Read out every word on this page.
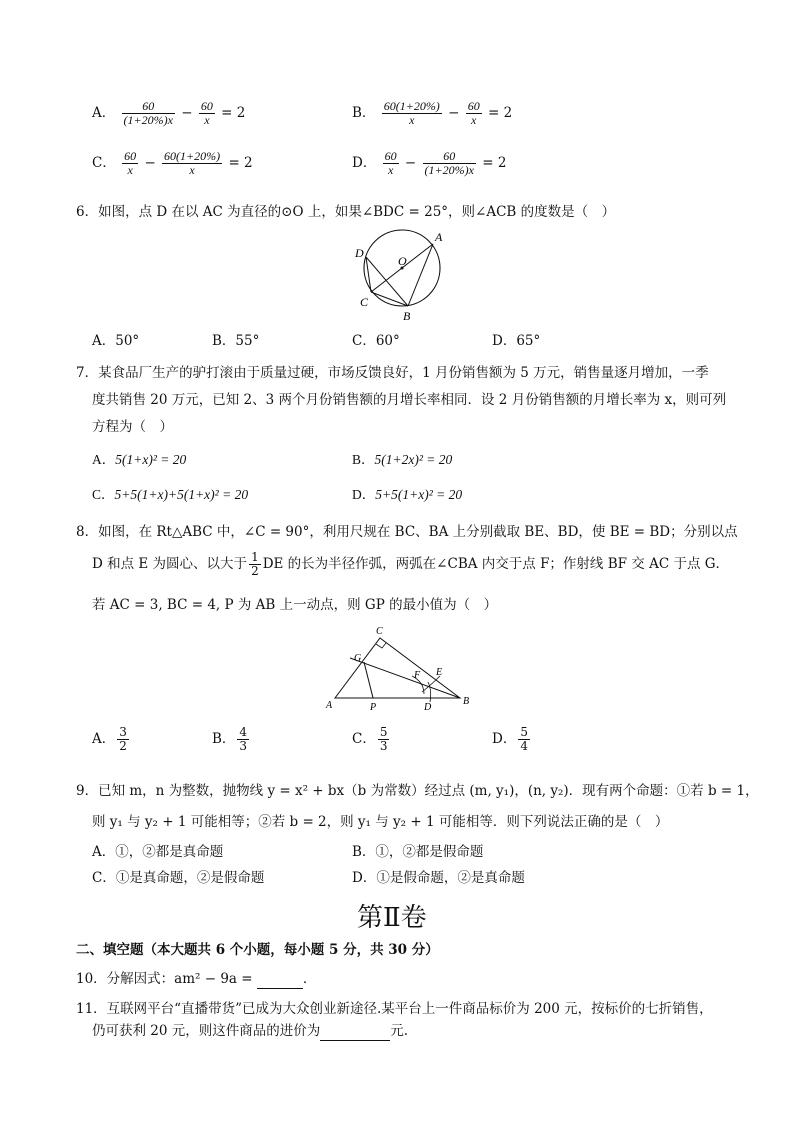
A． $\frac{60}{(1+20\%)x} - \frac{60}{x} = 2$	B． $\frac{60(1+20\%)}{x} - \frac{60}{x} = 2$
C． $\frac{60}{x} - \frac{60(1+20\%)}{x} = 2$	D． $\frac{60}{x} - \frac{60}{(1+20\%)x} = 2$
6．如图，点 D 在以 AC 为直径的⊙O 上，如果∠BDC = 25°，则∠ACB 的度数是（　）
A
D
O
C
B
A．50°	B．55°	C．60°	D．65°
7．某食品厂生产的驴打滚由于质量过硬，市场反馈良好，1 月份销售额为 5 万元，销售量逐月增加，一季
度共销售 20 万元，已知 2、3 两个月份销售额的月增长率相同．设 2 月份销售额的月增长率为 x，则可列
方程为（　）
A．5(1+x)² = 20	B．5(1+2x)² = 20
C．5+5(1+x)+5(1+x)² = 20	D．5+5(1+x)² = 20
8．如图，在 Rt△ABC 中，∠C = 90°，利用尺规在 BC、BA 上分别截取 BE、BD，使 BE = BD；分别以点
D 和点 E 为圆心、以大于 $\frac{1}{2}$ DE 的长为半径作弧，两弧在∠CBA 内交于点 F；作射线 BF 交 AC 于点 G．
若 AC = 3, BC = 4, P 为 AB 上一动点，则 GP 的最小值为（　）
C
G
E
F
A	P	D
B
A． $\frac{3}{2}$	B． $\frac{4}{3}$	C． $\frac{5}{3}$	D． $\frac{5}{4}$
9．已知 m，n 为整数，抛物线 y = x² + bx（b 为常数）经过点 (m, y₁)，(n, y₂)．现有两个命题：①若 b = 1，
则 y₁ 与 y₂ + 1 可能相等；②若 b = 2，则 y₁ 与 y₂ + 1 可能相等．则下列说法正确的是（　）
A．①，②都是真命题	B．①，②都是假命题
C．①是真命题，②是假命题	D．①是假命题，②是真命题
第Ⅱ卷
二、填空题（本大题共 6 个小题，每小题 5 分，共 30 分）
10．分解因式：am² − 9a =	．
11．互联网平台“直播带货”已成为大众创业新途径.某平台上一件商品标价为 200 元，按标价的七折销售，
仍可获利 20 元，则这件商品的进价为	元.
